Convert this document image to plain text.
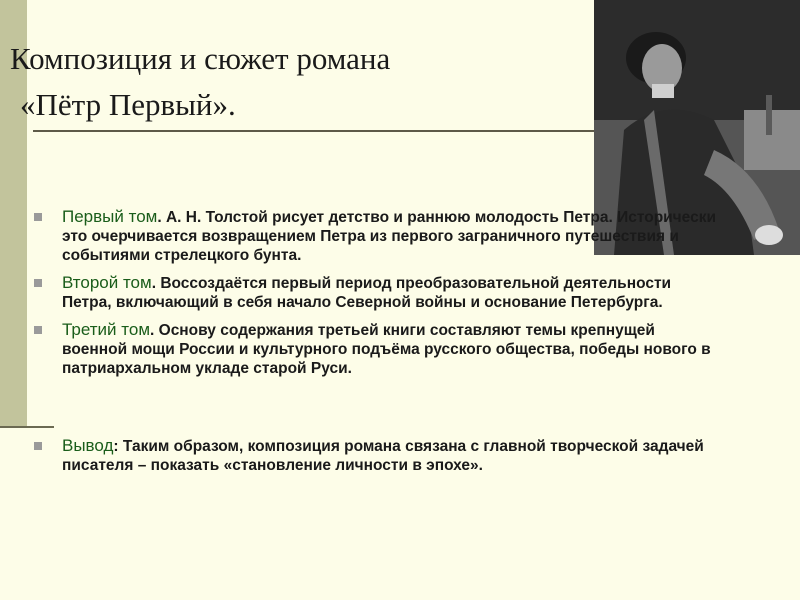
Композиция и сюжет романа
«Пётр Первый».
Первый том. А. Н. Толстой рисует детство и раннюю молодость Петра. Исторически это очерчивается возвращением Петра из первого заграничного путешествия и событиями стрелецкого бунта.
Второй том. Воссоздаётся первый период преобразовательной деятельности Петра, включающий в себя начало Северной войны и основание Петербурга.
Третий том. Основу содержания третьей книги составляют темы крепнущей военной мощи России и культурного подъёма русского общества, победы нового в патриархальном укладе старой Руси.
Вывод: Таким образом, композиция романа связана с главной творческой задачей писателя – показать «становление личности в эпохе».
